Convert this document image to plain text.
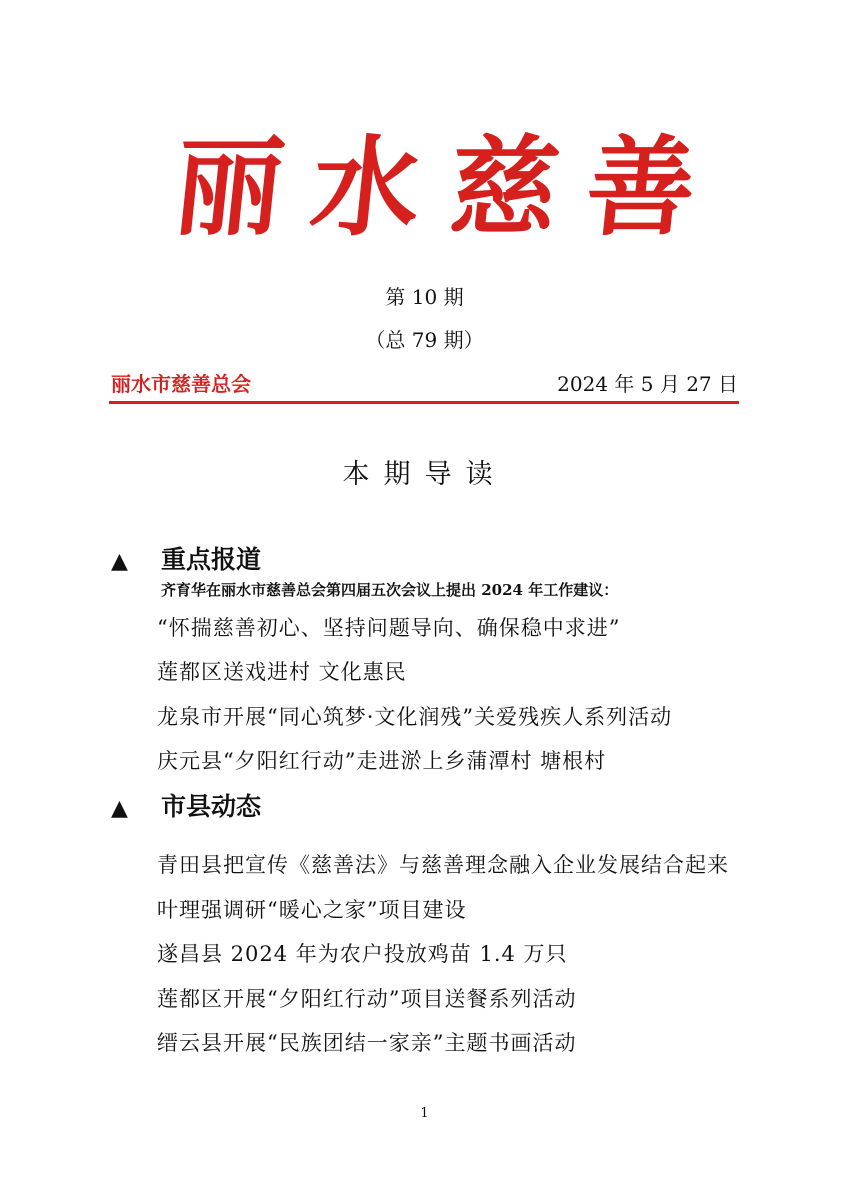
丽 水 慈 善
第 10 期
（总 79 期）
丽水市慈善总会	2024 年 5 月 27 日
本期导读
▲ 重点报道
齐育华在丽水市慈善总会第四届五次会议上提出 2024 年工作建议：
“怀揣慈善初心、坚持问题导向、确保稳中求进”
莲都区送戏进村 文化惠民
龙泉市开展“同心筑梦·文化润残”关爱残疾人系列活动
庆元县“夕阳红行动”走进淤上乡蒲潭村 塘根村
▲ 市县动态
青田县把宣传《慈善法》与慈善理念融入企业发展结合起来
叶理强调研“暖心之家”项目建设
遂昌县 2024 年为农户投放鸡苗 1.4 万只
莲都区开展“夕阳红行动”项目送餐系列活动
缙云县开展“民族团结一家亲”主题书画活动
1
